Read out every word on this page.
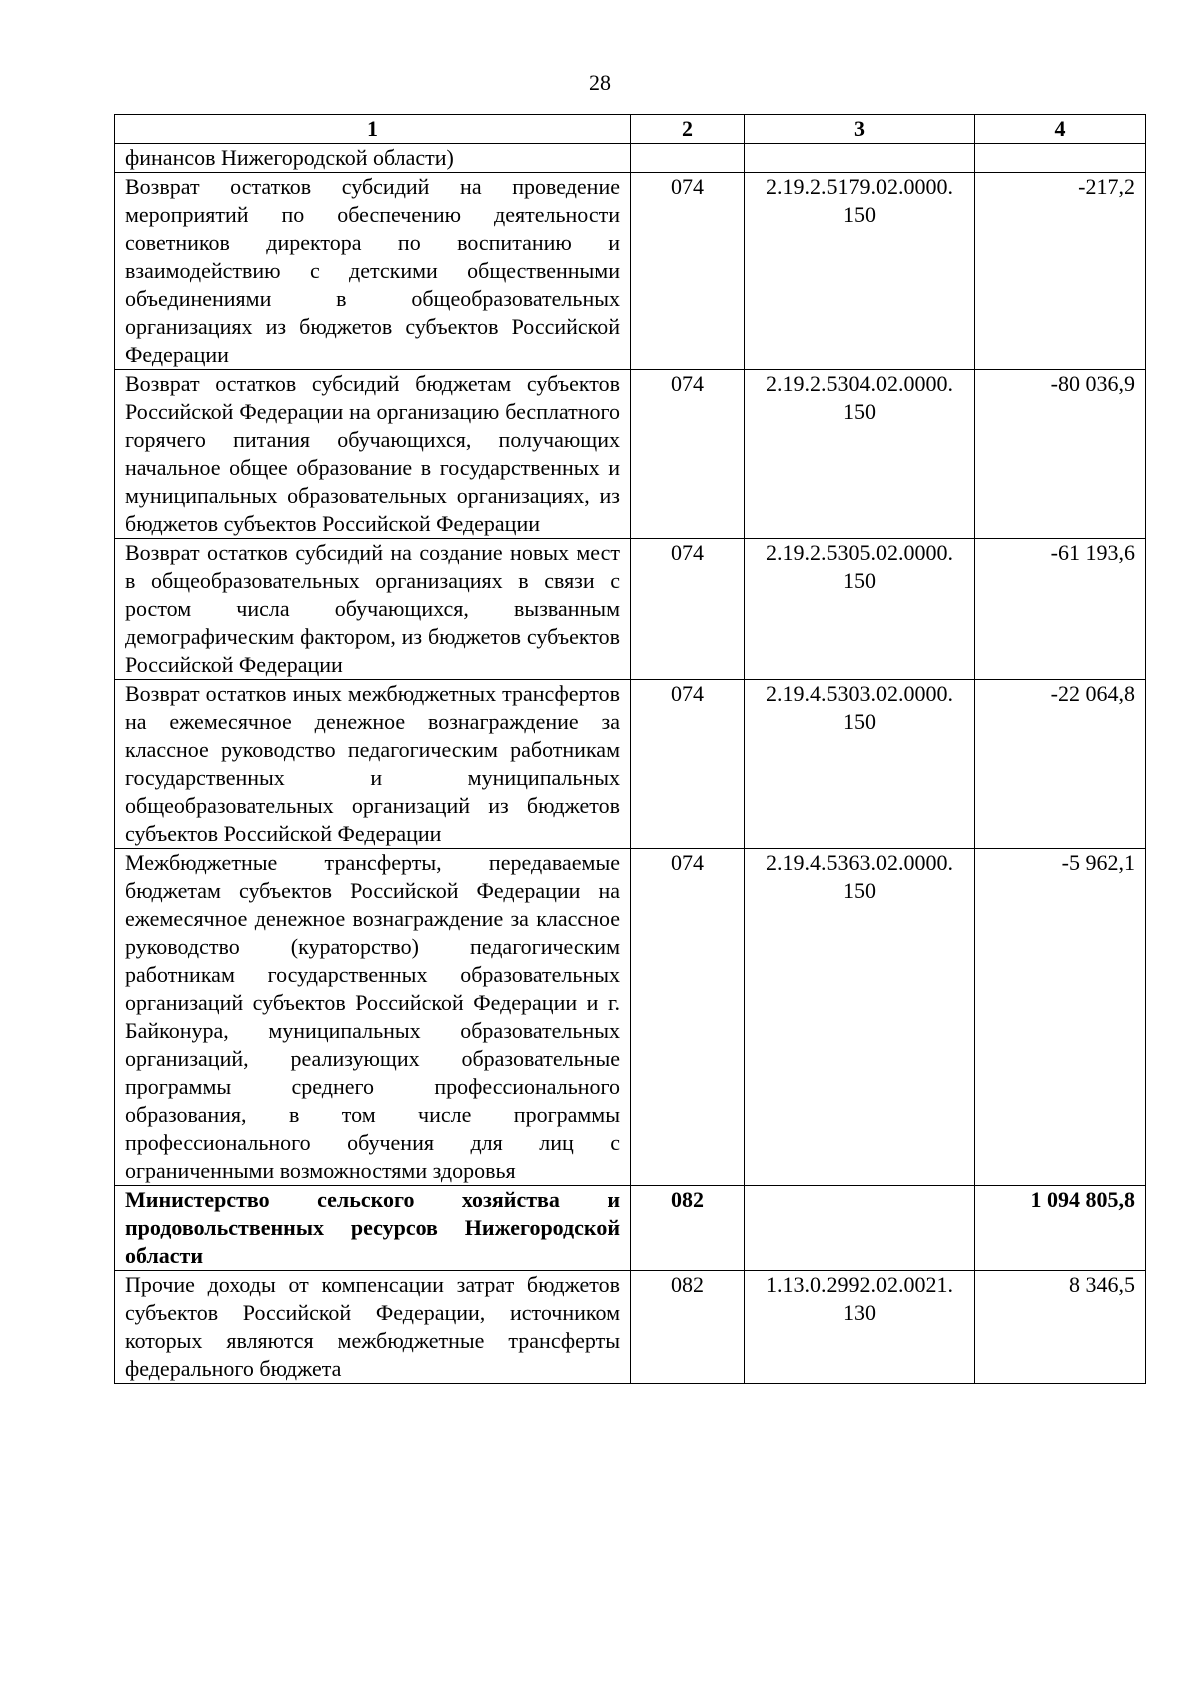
28
1	2	3	4
финансов Нижегородской области)			
Возврат остатков субсидий на проведение мероприятий по обеспечению деятельности советников директора по воспитанию и взаимодействию с детскими общественными объединениями в общеобразовательных организациях из бюджетов субъектов Российской Федерации	074	2.19.2.5179.02.0000. 150	-217,2
Возврат остатков субсидий бюджетам субъектов Российской Федерации на организацию бесплатного горячего питания обучающихся, получающих начальное общее образование в государственных и муниципальных образовательных организациях, из бюджетов субъектов Российской Федерации	074	2.19.2.5304.02.0000. 150	-80 036,9
Возврат остатков субсидий на создание новых мест в общеобразовательных организациях в связи с ростом числа обучающихся, вызванным демографическим фактором, из бюджетов субъектов Российской Федерации	074	2.19.2.5305.02.0000. 150	-61 193,6
Возврат остатков иных межбюджетных трансфертов на ежемесячное денежное вознаграждение за классное руководство педагогическим работникам государственных и муниципальных общеобразовательных организаций из бюджетов субъектов Российской Федерации	074	2.19.4.5303.02.0000. 150	-22 064,8
Межбюджетные трансферты, передаваемые бюджетам субъектов Российской Федерации на ежемесячное денежное вознаграждение за классное руководство (кураторство) педагогическим работникам государственных образовательных организаций субъектов Российской Федерации и г. Байконура, муниципальных образовательных организаций, реализующих образовательные программы среднего профессионального образования, в том числе программы профессионального обучения для лиц с ограниченными возможностями здоровья	074	2.19.4.5363.02.0000. 150	-5 962,1
Министерство сельского хозяйства и продовольственных ресурсов Нижегородской области	082		1 094 805,8
Прочие доходы от компенсации затрат бюджетов субъектов Российской Федерации, источником которых являются межбюджетные трансферты федерального бюджета	082	1.13.0.2992.02.0021. 130	8 346,5
